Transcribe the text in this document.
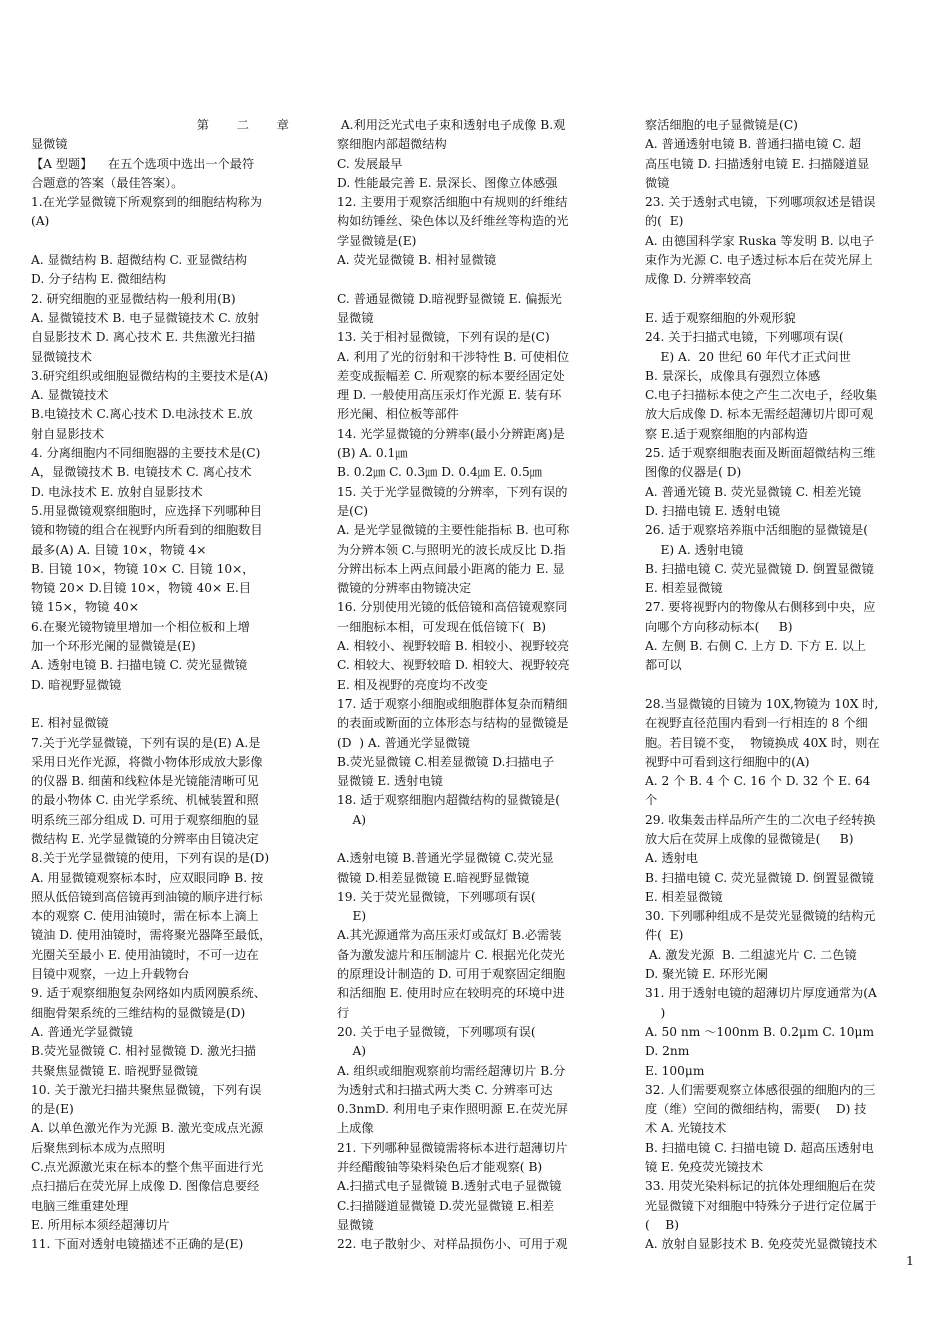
第 二 章
显微镜
【A 型题】    在五个选项中选出一个最符
合题意的答案（最佳答案）。
1.在光学显微镜下所观察到的细胞结构称为
(A)
A. 显微结构 B. 超微结构 C. 亚显微结构
D. 分子结构 E. 微细结构
2. 研究细胞的亚显微结构一般利用(B)
A. 显微镜技术 B. 电子显微镜技术 C. 放射
自显影技术 D. 离心技术 E. 共焦激光扫描
显微镜技术
3.研究组织或细胞显微结构的主要技术是(A)
A. 显微镜技术
B.电镜技术 C.离心技术 D.电泳技术 E.放
射自显影技术
4. 分离细胞内不同细胞器的主要技术是(C)
A，显微镜技术 B. 电镜技术 C. 离心技术
D. 电泳技术 E. 放射自显影技术
5.用显微镜观察细胞时，应选择下列哪种目
镜和物镜的组合在视野内所看到的细胞数目
最多(A) A. 目镜 10×，物镜 4×
B. 目镜 10×，物镜 10× C. 目镜 10×，
物镜 20× D.目镜 10×，物镜 40× E.目
镜 15×，物镜 40×
6.在聚光镜物镜里增加一个相位板和上增
加一个环形光阑的显微镜是(E)
A. 透射电镜 B. 扫描电镜 C. 荧光显微镜
D. 暗视野显微镜
E. 相衬显微镜
7.关于光学显微镜，下列有误的是(E) A.是
采用日光作光源，将微小物体形成放大影像
的仪器 B. 细菌和线粒体是光镜能清晰可见
的最小物体 C. 由光学系统、机械装置和照
明系统三部分组成 D. 可用于观察细胞的显
微结构 E. 光学显微镜的分辨率由目镜决定
8.关于光学显微镜的使用，下列有误的是(D)
A. 用显微镜观察标本时，应双眼同睁 B. 按
照从低倍镜到高倍镜再到油镜的顺序进行标
本的观察 C. 使用油镜时，需在标本上滴上
镜油 D. 使用油镜时，需将聚光器降至最低，
光圈关至最小 E. 使用油镜时，不可一边在
目镜中观察，一边上升载物台
9. 适于观察细胞复杂网络如内质网膜系统、
细胞骨架系统的三维结构的显微镜是(D)
A. 普通光学显微镜
B.荧光显微镜 C. 相衬显微镜 D. 激光扫描
共聚焦显微镜 E. 暗视野显微镜
10. 关于激光扫描共聚焦显微镜，下列有误
的是(E)
A. 以单色激光作为光源 B. 激光变成点光源
后聚焦到标本成为点照明
C.点光源激光束在标本的整个焦平面进行光
点扫描后在荧光屏上成像 D. 图像信息要经
电脑三维重建处理
E. 所用标本须经超薄切片
11. 下面对透射电镜描述不正确的是(E)
A.利用泛光式电子束和透射电子成像 B.观
察细胞内部超微结构
C. 发展最早
D. 性能最完善 E. 景深长、图像立体感强
12. 主要用于观察活细胞中有规则的纤维结
构如纺锤丝、染色体以及纤维丝等构造的光
学显微镜是(E)
A. 荧光显微镜 B. 相衬显微镜
C. 普通显微镜 D.暗视野显微镜 E. 偏振光
显微镜
13. 关于相衬显微镜，下列有误的是(C)
A. 利用了光的衍射和干涉特性 B. 可使相位
差变成振幅差 C. 所观察的标本要经固定处
理 D. 一般使用高压汞灯作光源 E. 装有环
形光阑、相位板等部件
14. 光学显微镜的分辨率(最小分辨距离)是
(B) A. 0.1㎛
B. 0.2㎛ C. 0.3㎛ D. 0.4㎛ E. 0.5㎛
15. 关于光学显微镜的分辨率，下列有误的
是(C)
A. 是光学显微镜的主要性能指标 B. 也可称
为分辨本领 C.与照明光的波长成反比 D.指
分辨出标本上两点间最小距离的能力 E. 显
微镜的分辨率由物镜决定
16. 分别使用光镜的低倍镜和高倍镜观察同
一细胞标本相，可发现在低倍镜下(  B)
A. 相较小、视野较暗 B. 相较小、视野较亮
C. 相较大、视野较暗 D. 相较大、视野较亮
E. 相及视野的亮度均不改变
17. 适于观察小细胞或细胞群体复杂而精细
的表面或断面的立体形态与结构的显微镜是
(D  ) A. 普通光学显微镜
B.荧光显微镜 C.相差显微镜 D.扫描电子
显微镜 E. 透射电镜
18. 适于观察细胞内超微结构的显微镜是(
A)
A.透射电镜 B.普通光学显微镜 C.荧光显
微镜 D.相差显微镜 E.暗视野显微镜
19. 关于荧光显微镜，下列哪项有误(
E)
A.其光源通常为高压汞灯或氙灯 B.必需装
备为激发滤片和压制滤片 C. 根据光化荧光
的原理设计制造的 D. 可用于观察固定细胞
和活细胞 E. 使用时应在较明亮的环境中进
行
20. 关于电子显微镜，下列哪项有误(
A)
A. 组织或细胞观察前均需经超薄切片 B.分
为透射式和扫描式两大类 C. 分辨率可达
0.3nmD. 利用电子束作照明源 E.在荧光屏
上成像
21. 下列哪种显微镜需将标本进行超薄切片
并经醋酸铀等染料染色后才能观察( B)
A.扫描式电子显微镜 B.透射式电子显微镜
C.扫描隧道显微镜 D.荧光显微镜 E.相差
显微镜
22. 电子散射少、对样品损伤小、可用于观
察活细胞的电子显微镜是(C)
A. 普通透射电镜 B. 普通扫描电镜 C. 超
高压电镜 D. 扫描透射电镜 E. 扫描隧道显
微镜
23. 关于透射式电镜，下列哪项叙述是错误
的(  E)
A. 由德国科学家 Ruska 等发明 B. 以电子
束作为光源 C. 电子透过标本后在荧光屏上
成像 D. 分辨率较高
E. 适于观察细胞的外观形貌
24. 关于扫描式电镜，下列哪项有误(
E) A.  20 世纪 60 年代才正式问世
B. 景深长，成像具有强烈立体感
C.电子扫描标本使之产生二次电子，经收集
放大后成像 D. 标本无需经超薄切片即可观
察 E.适于观察细胞的内部构造
25. 适于观察细胞表面及断面超微结构三维
图像的仪器是( D)
A. 普通光镜 B. 荧光显微镜 C. 相差光镜
D. 扫描电镜 E. 透射电镜
26. 适于观察培养瓶中活细胞的显微镜是(
E) A. 透射电镜
B. 扫描电镜 C. 荧光显微镜 D. 倒置显微镜
E. 相差显微镜
27. 要将视野内的物像从右侧移到中央，应
向哪个方向移动标本(     B)
A. 左侧 B. 右侧 C. 上方 D. 下方 E. 以上
都可以
28.当显微镜的目镜为 10X,物镜为 10X 时,
在视野直径范围内看到一行相连的 8 个细
胞。若目镜不变，  物镜换成 40X 时，则在
视野中可看到这行细胞中的(A)
A. 2 个 B. 4 个 C. 16 个 D. 32 个 E. 64
个
29. 收集轰击样品所产生的二次电子经转换
放大后在荧屏上成像的显微镜是(     B)
A. 透射电
B. 扫描电镜 C. 荧光显微镜 D. 倒置显微镜
E. 相差显微镜
30. 下列哪种组成不是荧光显微镜的结构元
件(  E)
A. 激发光源  B. 二组滤光片 C. 二色镜
D. 聚光镜 E. 环形光阑
31. 用于透射电镜的超薄切片厚度通常为(A
)
A. 50 nm ～100nm B. 0.2μm C. 10μm
D. 2nm
E. 100μm
32. 人们需要观察立体感很强的细胞内的三
度（维）空间的微细结构，需要(    D) 技
术 A. 光镜技术
B. 扫描电镜 C. 扫描电镜 D. 超高压透射电
镜 E. 免疫荧光镜技术
33. 用荧光染料标记的抗体处理细胞后在荧
光显微镜下对细胞中特殊分子进行定位属于
(    B)
A. 放射自显影技术 B. 免疫荧光显微镜技术
1
